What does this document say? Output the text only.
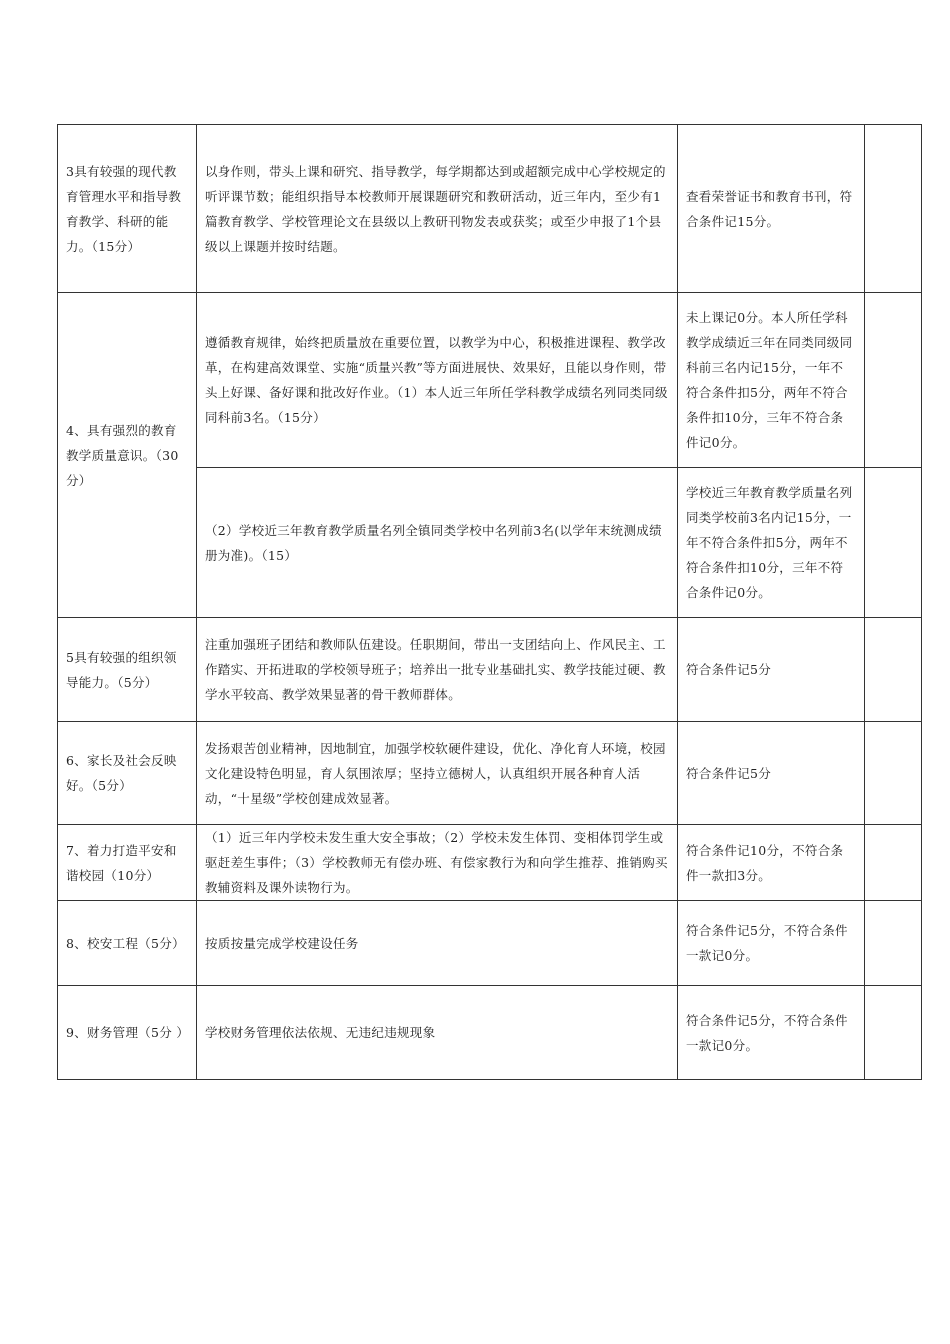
3具有较强的现代教育管理水平和指导教育教学、科研的能力。（15分）	以身作则，带头上课和研究、指导教学，每学期都达到或超额完成中心学校规定的听评课节数；能组织指导本校教师开展课题研究和教研活动，近三年内，至少有1篇教育教学、学校管理论文在县级以上教研刊物发表或获奖；或至少申报了1个县级以上课题并按时结题。	查看荣誉证书和教育书刊，符合条件记15分。	
4、具有强烈的教育教学质量意识。（30分）	遵循教育规律，始终把质量放在重要位置，以教学为中心，积极推进课程、教学改革，在构建高效课堂、实施“质量兴教”等方面进展快、效果好，且能以身作则，带头上好课、备好课和批改好作业。（1）本人近三年所任学科教学成绩名列同类同级同科前3名。（15分）	未上课记0分。本人所任学科教学成绩近三年在同类同级同科前三名内记15分，一年不符合条件扣5分，两年不符合条件扣10分，三年不符合条件记0分。	
	（2）学校近三年教育教学质量名列全镇同类学校中名列前3名(以学年末统测成绩册为准)。（15）	学校近三年教育教学质量名列同类学校前3名内记15分，一年不符合条件扣5分，两年不符合条件扣10分，三年不符合条件记0分。	
5具有较强的组织领导能力。（5分）	注重加强班子团结和教师队伍建设。任职期间，带出一支团结向上、作风民主、工作踏实、开拓进取的学校领导班子；培养出一批专业基础扎实、教学技能过硬、教学水平较高、教学效果显著的骨干教师群体。	符合条件记5分	
6、家长及社会反映好。（5分）	发扬艰苦创业精神，因地制宜，加强学校软硬件建设，优化、净化育人环境，校园文化建设特色明显，育人氛围浓厚；坚持立德树人，认真组织开展各种育人活动，“十星级”学校创建成效显著。	符合条件记5分	
7、着力打造平安和谐校园（10分）	（1）近三年内学校未发生重大安全事故；（2）学校未发生体罚、变相体罚学生或驱赶差生事件；（3）学校教师无有偿办班、有偿家教行为和向学生推荐、推销购买教辅资料及课外读物行为。	符合条件记10分，不符合条件一款扣3分。	
8、校安工程（5分）	按质按量完成学校建设任务	符合条件记5分，不符合条件一款记0分。	
9、财务管理（5分 ）	学校财务管理依法依规、无违纪违规现象	符合条件记5分，不符合条件一款记0分。	
